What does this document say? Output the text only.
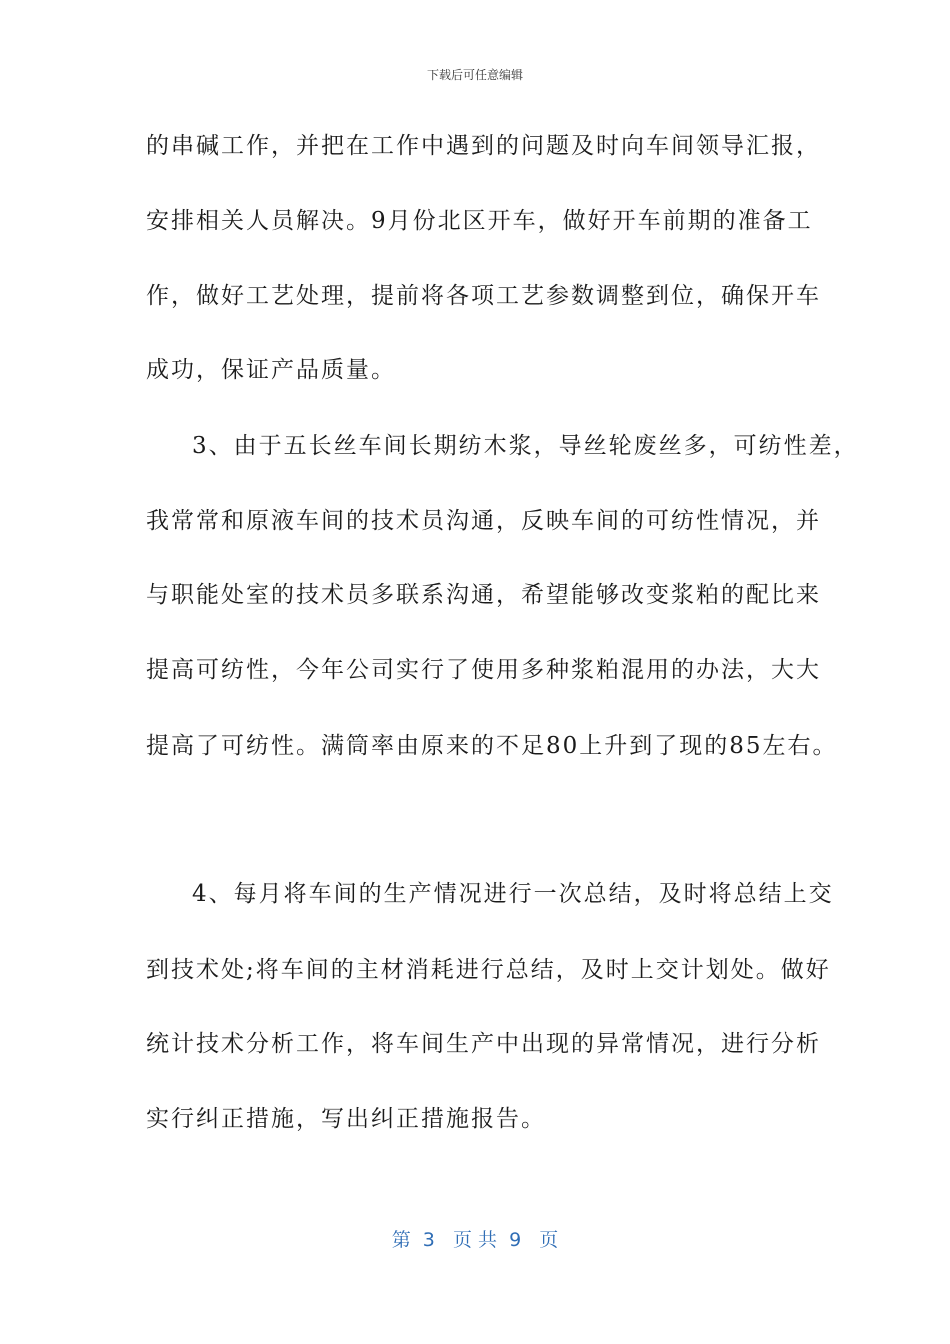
下载后可任意编辑
的串碱工作，并把在工作中遇到的问题及时向车间领导汇报，
安排相关人员解决。9月份北区开车，做好开车前期的准备工
作，做好工艺处理，提前将各项工艺参数调整到位，确保开车
成功，保证产品质量。
3、由于五长丝车间长期纺木浆，导丝轮废丝多，可纺性差，
我常常和原液车间的技术员沟通，反映车间的可纺性情况，并
与职能处室的技术员多联系沟通，希望能够改变浆粕的配比来
提高可纺性，今年公司实行了使用多种浆粕混用的办法，大大
提高了可纺性。满筒率由原来的不足80上升到了现的85左右。
4、每月将车间的生产情况进行一次总结，及时将总结上交
到技术处;将车间的主材消耗进行总结，及时上交计划处。做好
统计技术分析工作，将车间生产中出现的异常情况，进行分析
实行纠正措施，写出纠正措施报告。
第  3   页 共  9   页
